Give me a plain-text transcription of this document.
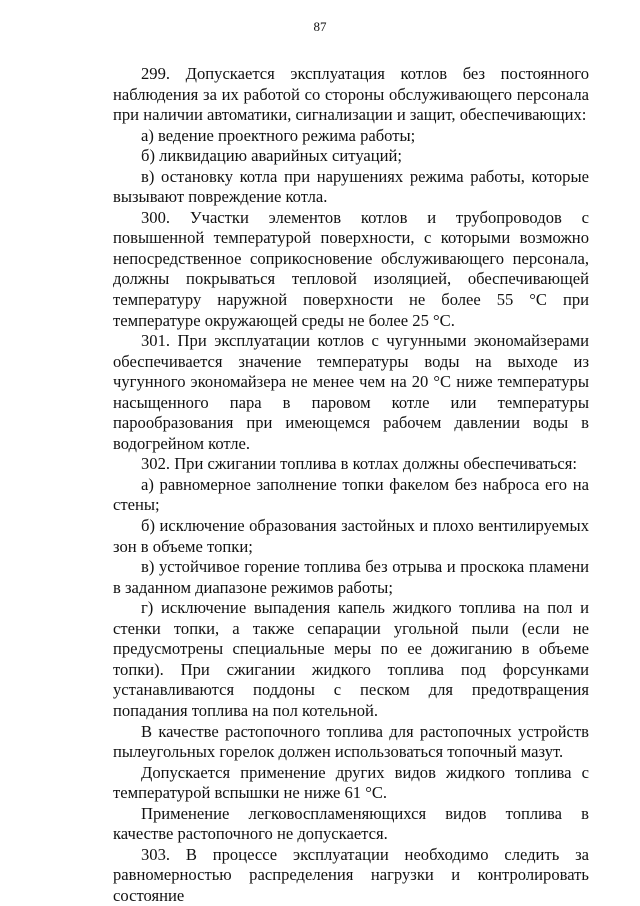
87

299. Допускается эксплуатация котлов без постоянного наблюдения за их работой со стороны обслуживающего персонала при наличии автоматики, сигнализации и защит, обеспечивающих:

а) ведение проектного режима работы;

б) ликвидацию аварийных ситуаций;

в) остановку котла при нарушениях режима работы, которые вызывают повреждение котла.

300. Участки элементов котлов и трубопроводов с повышенной температурой поверхности, с которыми возможно непосредственное соприкосновение обслуживающего персонала, должны покрываться тепловой изоляцией, обеспечивающей температуру наружной поверхности не более 55 °С при температуре окружающей среды не более 25 °С.

301. При эксплуатации котлов с чугунными экономайзерами обеспечивается значение температуры воды на выходе из чугунного экономайзера не менее чем на 20 °С ниже температуры насыщенного пара в паровом котле или температуры парообразования при имеющемся рабочем давлении воды в водогрейном котле.

302. При сжигании топлива в котлах должны обеспечиваться:

а) равномерное заполнение топки факелом без наброса его на стены;

б) исключение образования застойных и плохо вентилируемых зон в объеме топки;

в) устойчивое горение топлива без отрыва и проскока пламени в заданном диапазоне режимов работы;

г) исключение выпадения капель жидкого топлива на пол и стенки топки, а также сепарации угольной пыли (если не предусмотрены специальные меры по ее дожиганию в объеме топки). При сжигании жидкого топлива под форсунками устанавливаются поддоны с песком для предотвращения попадания топлива на пол котельной.

В качестве растопочного топлива для растопочных устройств пылеугольных горелок должен использоваться топочный мазут.

Допускается применение других видов жидкого топлива с температурой вспышки не ниже 61 °С.

Применение легковоспламеняющихся видов топлива в качестве растопочного не допускается.

303. В процессе эксплуатации необходимо следить за равномерностью распределения нагрузки и контролировать состояние
